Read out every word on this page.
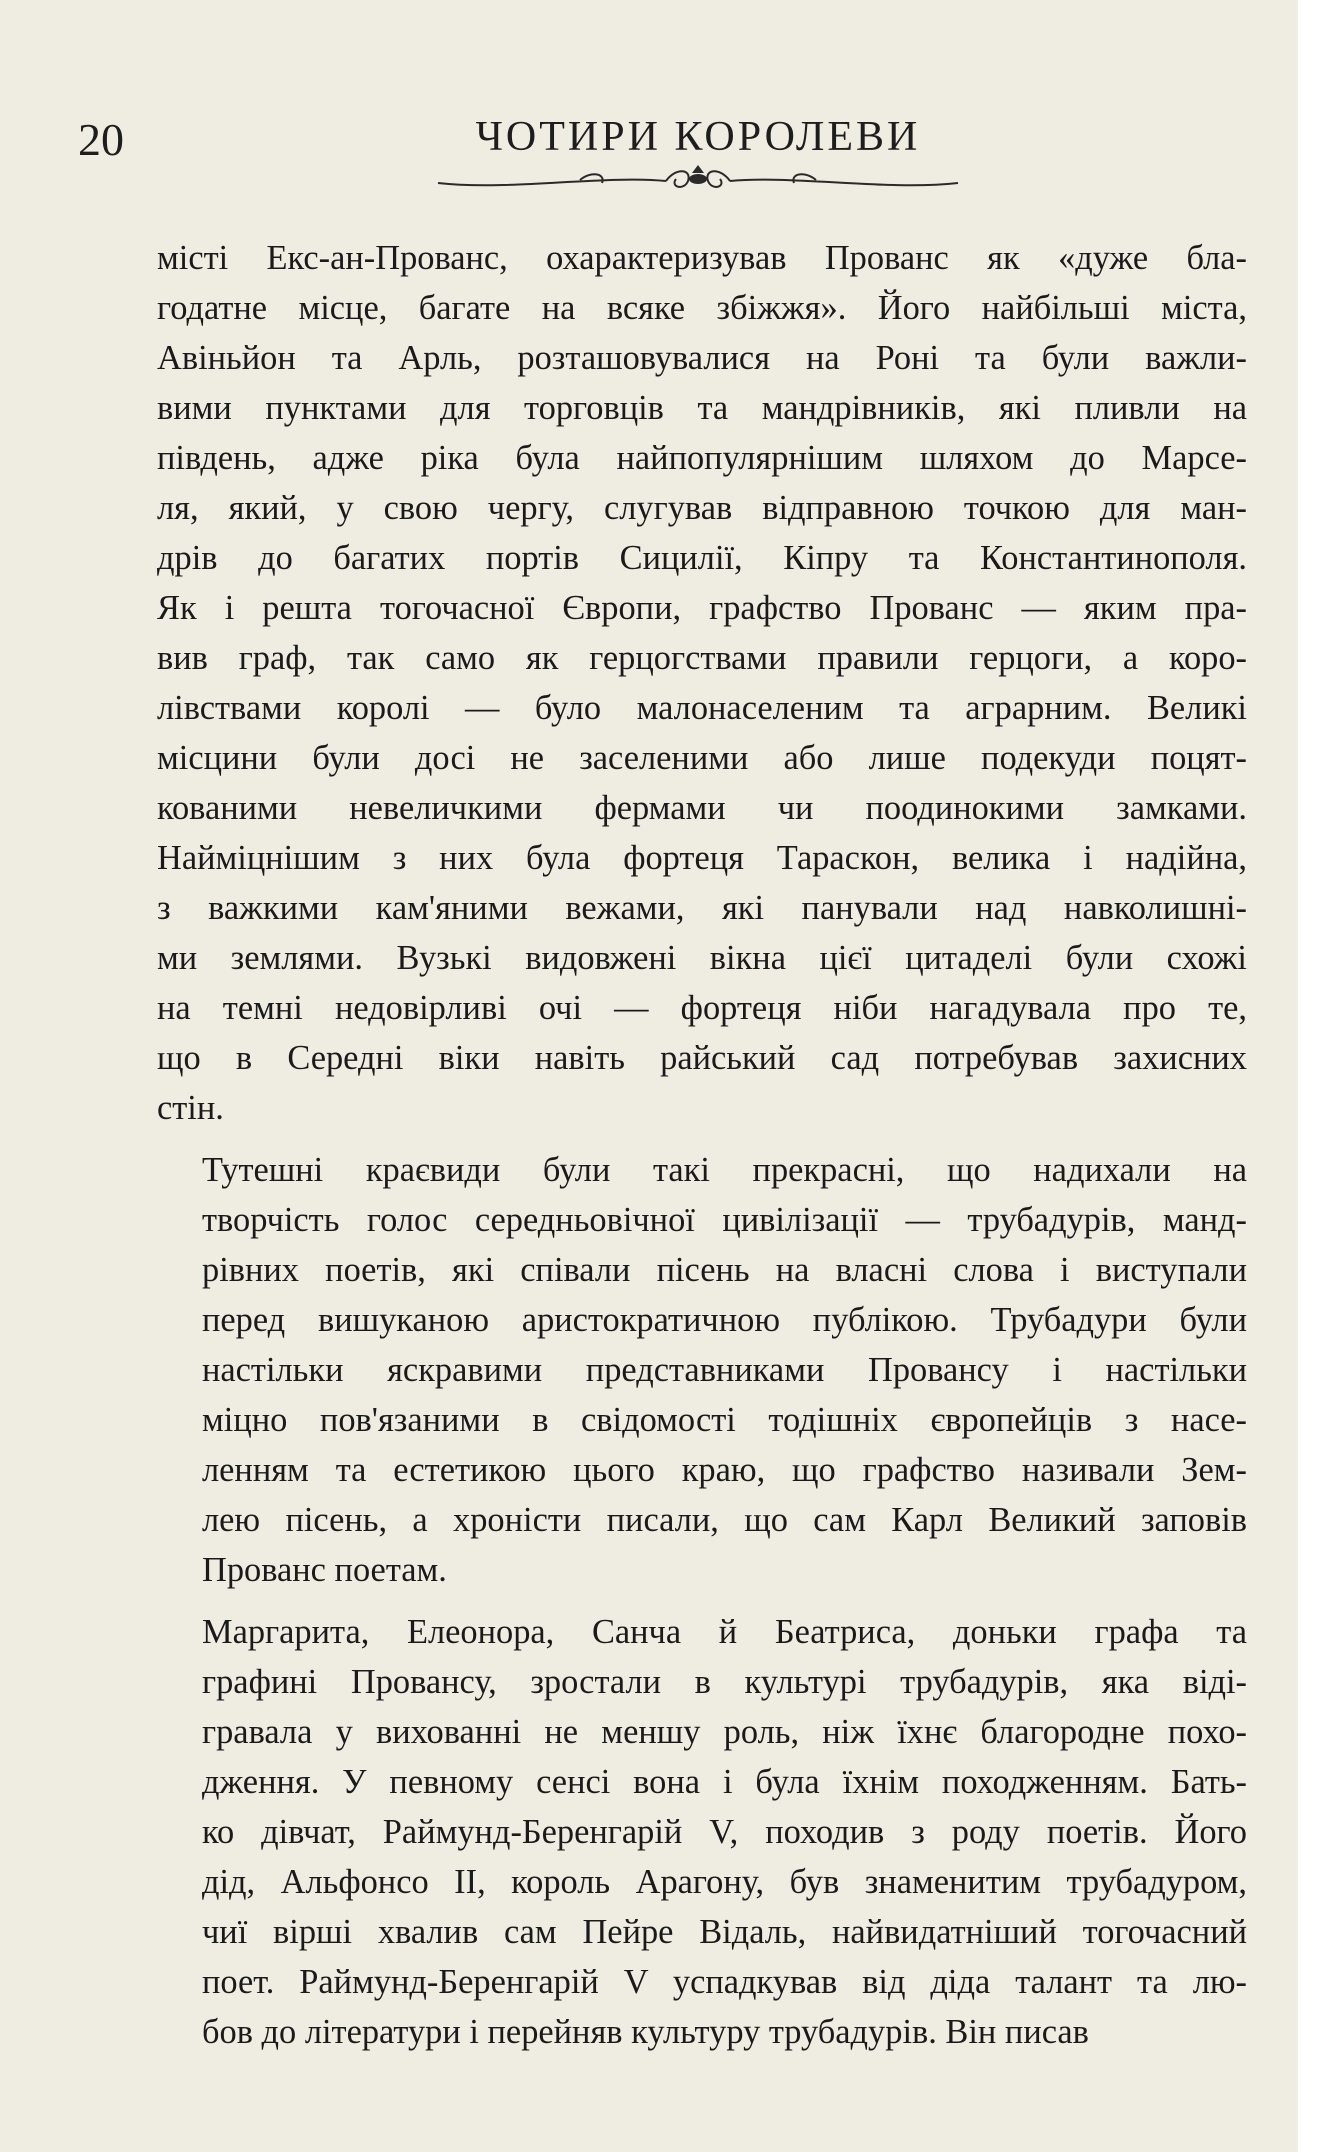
20	ЧОТИРИ КОРОЛЕВИ

місті Екс-ан-Прованс, охарактеризував Прованс як «дуже бла-
годатне місце, багате на всяке збіжжя». Його найбільші міста,
Авіньйон та Арль, розташовувалися на Роні та були важли-
вими пунктами для торговців та мандрівників, які пливли на
південь, адже ріка була найпопулярнішим шляхом до Марсе-
ля, який, у свою чергу, слугував відправною точкою для ман-
дрів до багатих портів Сицилії, Кіпру та Константинополя.
Як і решта тогочасної Європи, графство Прованс — яким пра-
вив граф, так само як герцогствами правили герцоги, а коро-
лівствами королі — було малонаселеним та аграрним. Великі
місцини були досі не заселеними або лише подекуди поцят-
кованими невеличкими фермами чи поодинокими замками.
Найміцнішим з них була фортеця Тараскон, велика і надійна,
з важкими кам'яними вежами, які панували над навколишні-
ми землями. Вузькі видовжені вікна цієї цитаделі були схожі
на темні недовірливі очі — фортеця ніби нагадувала про те,
що в Середні віки навіть райський сад потребував захисних
стін.

Тутешні краєвиди були такі прекрасні, що надихали на
творчість голос середньовічної цивілізації — трубадурів, манд-
рівних поетів, які співали пісень на власні слова і виступали
перед вишуканою аристократичною публікою. Трубадури були
настільки яскравими представниками Провансу і настільки
міцно пов'язаними в свідомості тодішніх європейців з насе-
ленням та естетикою цього краю, що графство називали Зем-
лею пісень, а хроністи писали, що сам Карл Великий заповів
Прованс поетам.

Маргарита, Елеонора, Санча й Беатриса, доньки графа та
графині Провансу, зростали в культурі трубадурів, яка віді-
гравала у вихованні не меншу роль, ніж їхнє благородне похо-
дження. У певному сенсі вона і була їхнім походженням. Бать-
ко дівчат, Раймунд-Беренгарій V, походив з роду поетів. Його
дід, Альфонсо II, король Арагону, був знаменитим трубадуром,
чиї вірші хвалив сам Пейре Відаль, найвидатніший тогочасний
поет. Раймунд-Беренгарій V успадкував від діда талант та лю-
бов до літератури і перейняв культуру трубадурів. Він писав
